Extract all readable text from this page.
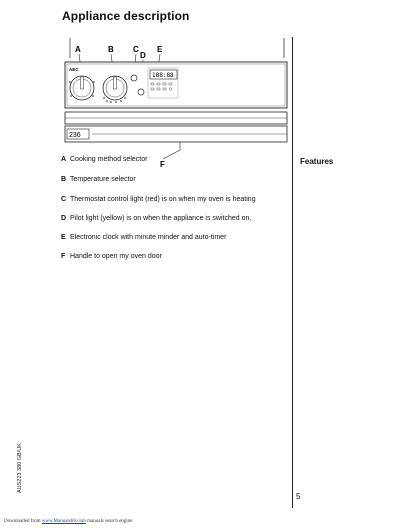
Appliance description
Features
A	B C
D
E
F
AEC
188:88
236
A Cooking method selector
B Temperature selector
C Thermostat control light (red) is on when my oven is heating
D Pilot light (yellow) is on when the appliance is switched on.
E Electronic clock with minute minder and auto-timer
F Handle to open my oven door
AUS223 380 GB/UK
5
Downloaded from www.Manualslib.com manuals search engine
